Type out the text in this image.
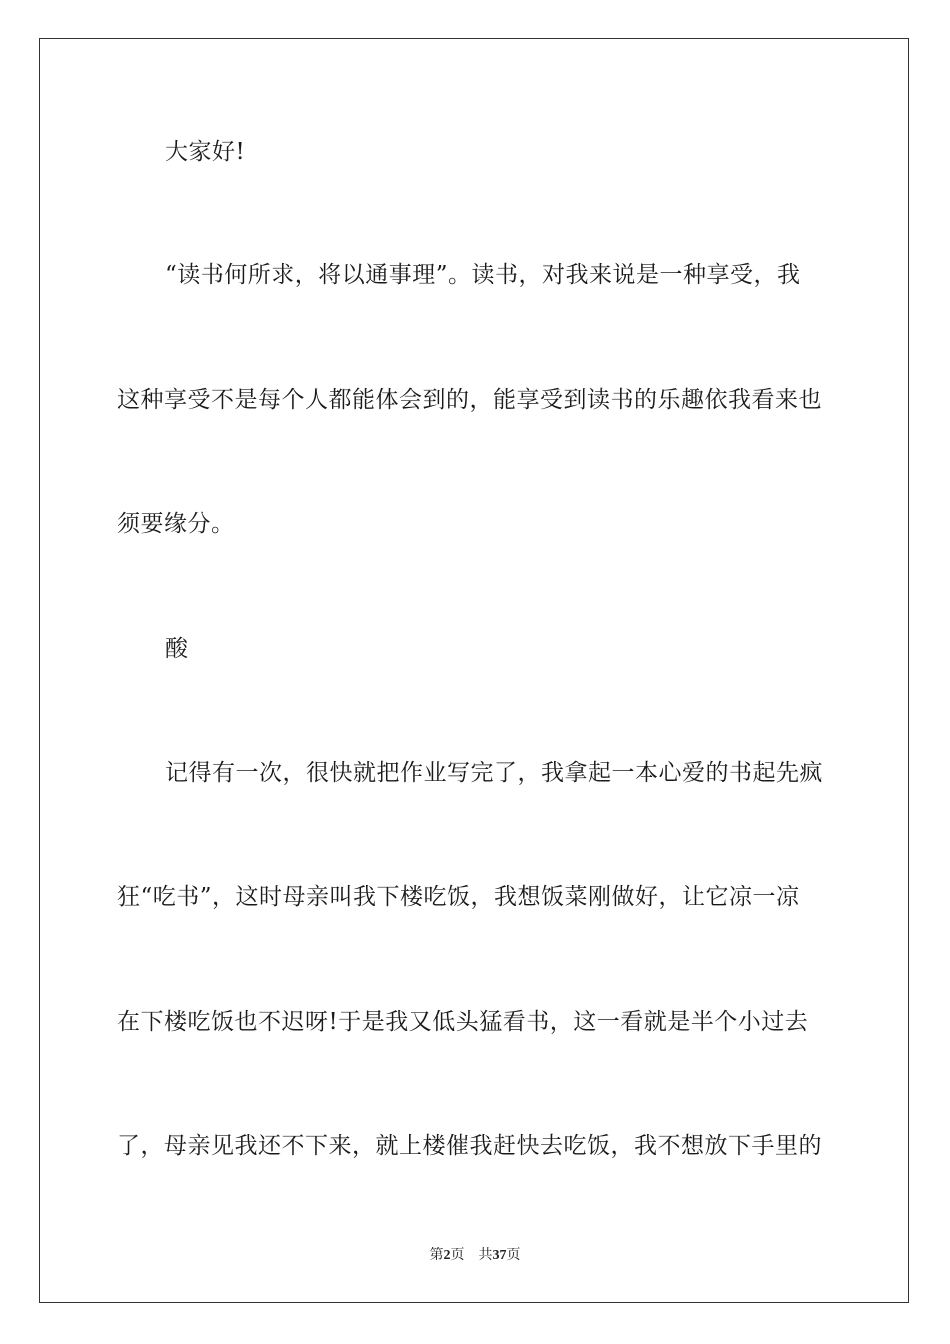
大家好!
“读书何所求，将以通事理”。读书，对我来说是一种享受，我
这种享受不是每个人都能体会到的，能享受到读书的乐趣依我看来也
须要缘分。
酸
记得有一次，很快就把作业写完了，我拿起一本心爱的书起先疯
狂“吃书”，这时母亲叫我下楼吃饭，我想饭菜刚做好，让它凉一凉
在下楼吃饭也不迟呀!于是我又低头猛看书，这一看就是半个小过去
了，母亲见我还不下来，就上楼催我赶快去吃饭，我不想放下手里的
第2页 共37页
